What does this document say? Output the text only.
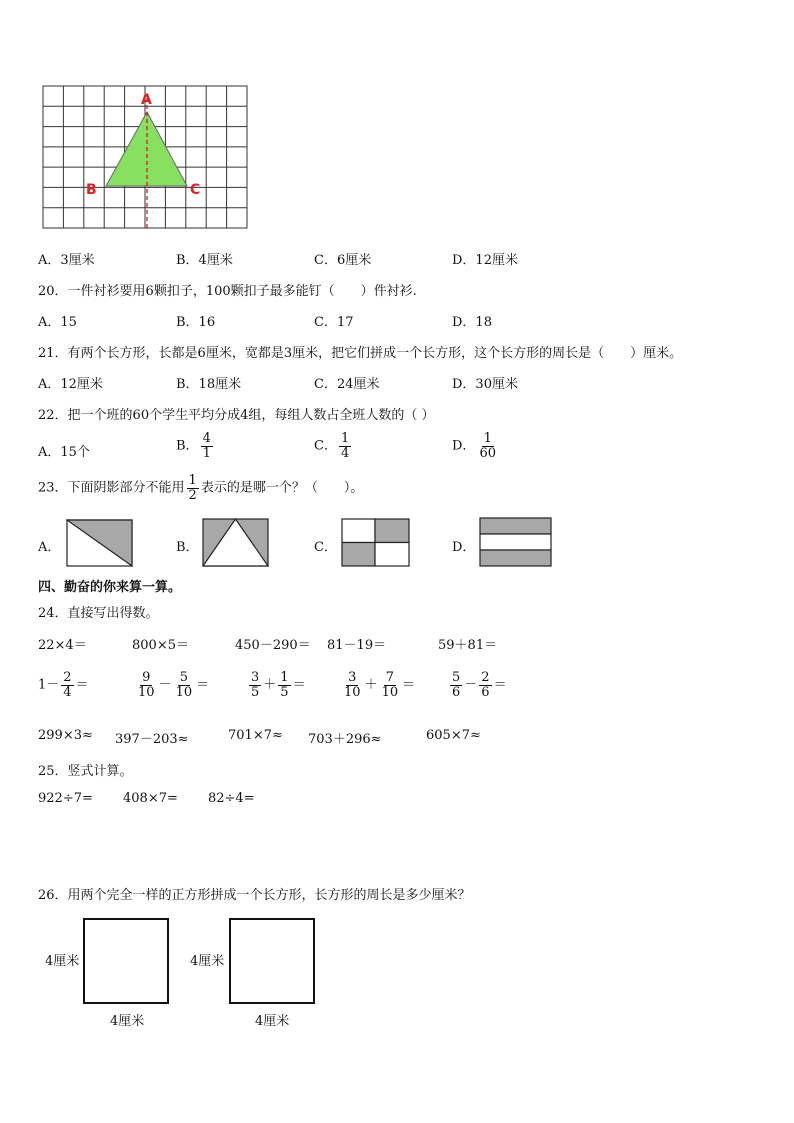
A
B	C
A．3厘米	B．4厘米	C．6厘米	D．12厘米
20．一件衬衫要用6颗扣子，100颗扣子最多能钉（　　）件衬衫.
A．15	B．16	C．17	D．18
21．有两个长方形，长都是6厘米，宽都是3厘米，把它们拼成一个长方形，这个长方形的周长是（　　）厘米。
A．12厘米	B．18厘米	C．24厘米	D．30厘米
22．把一个班的60个学生平均分成4组，每组人数占全班人数的（ ）
A．15个	B． $\frac{4}{1}$	C． $\frac{1}{4}$	D． $\frac{1}{60}$
23．下面阴影部分不能用 $\frac{1}{2}$ 表示的是哪一个？（　　）。
A．	B．	C．	D．
四、勤奋的你来算一算。
24．直接写出得数。
22×4＝	800×5＝	450－290＝ 81－19＝	59＋81＝
$1- \frac{2}{4}$ ＝	$\frac{9}{10} - \frac{5}{10}$ ＝	$\frac{3}{5} + \frac{1}{5}$ ＝	$\frac{3}{10} + \frac{7}{10}$ ＝	$\frac{5}{6} - \frac{2}{6}$ ＝
299×3≈ 397－203≈	701×7≈ 703＋296≈	605×7≈
25．竖式计算。
922÷7= 408×7= 82÷4=
26．用两个完全一样的正方形拼成一个长方形，长方形的周长是多少厘米？
4厘米
4厘米
4厘米
4厘米
